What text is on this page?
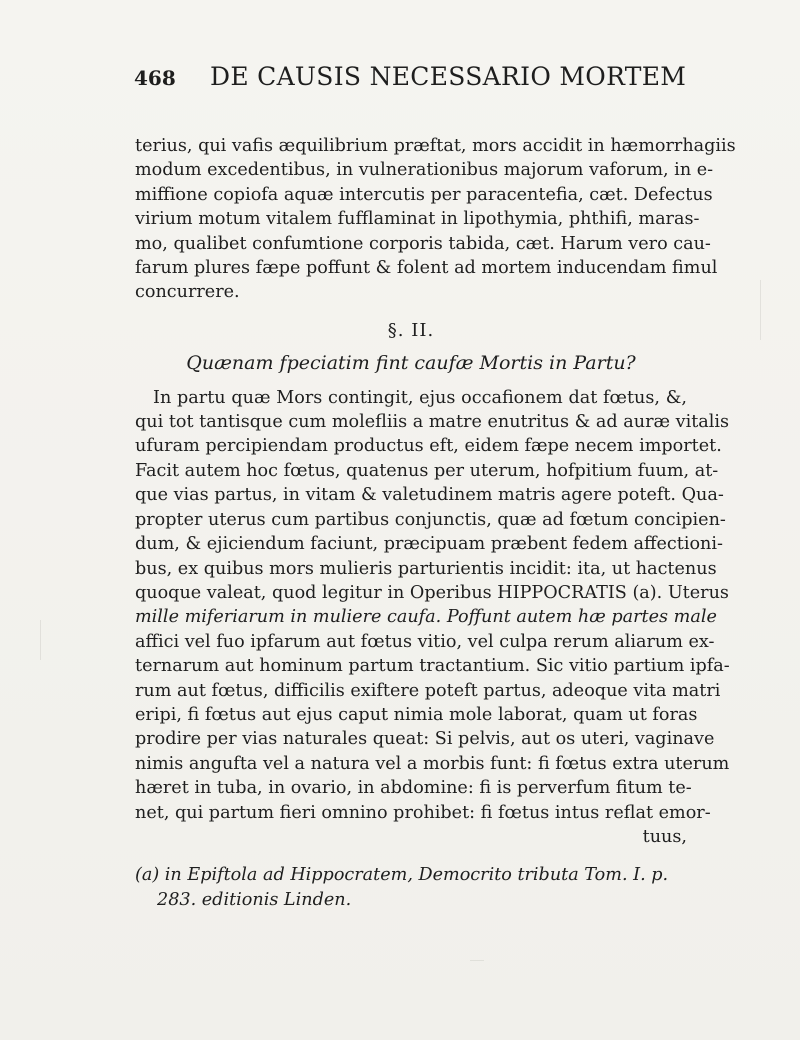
468 DE CAUSIS NECESSARIO MORTEM
terius, qui vafis æquilibrium præftat, mors accidit in hæmorrhagiis
modum excedentibus, in vulnerationibus majorum vaforum, in e-
miffione copiofa aquæ intercutis per paracentefia, cæt. Defectus
virium motum vitalem fufflaminat in lipothymia, phthifi, maras-
mo, qualibet confumtione corporis tabida, cæt. Harum vero cau-
farum plures fæpe poffunt & folent ad mortem inducendam fimul
concurrere.
§. II.
Quænam fpeciatim fint caufæ Mortis in Partu?
In partu quæ Mors contingit, ejus occafionem dat fœtus, &,
qui tot tantisque cum molefliis a matre enutritus & ad auræ vitalis
ufuram percipiendam productus eft, eidem fæpe necem importet.
Facit autem hoc fœtus, quatenus per uterum, hofpitium fuum, at-
que vias partus, in vitam & valetudinem matris agere poteft. Qua-
propter uterus cum partibus conjunctis, quæ ad fœtum concipien-
dum, & ejiciendum faciunt, præcipuam præbent fedem affectioni-
bus, ex quibus mors mulieris parturientis incidit: ita, ut hactenus
quoque valeat, quod legitur in Operibus HIPPOCRATIS (a). Uterus
mille miferiarum in muliere caufa. Poffunt autem hæ partes male
affici vel fuo ipfarum aut fœtus vitio, vel culpa rerum aliarum ex-
ternarum aut hominum partum tractantium. Sic vitio partium ipfa-
rum aut fœtus, difficilis exiftere poteft partus, adeoque vita matri
eripi, fi fœtus aut ejus caput nimia mole laborat, quam ut foras
prodire per vias naturales queat: Si pelvis, aut os uteri, vaginave
nimis angufta vel a natura vel a morbis funt: fi fœtus extra uterum
hæret in tuba, in ovario, in abdomine: fi is perverfum fitum te-
net, qui partum fieri omnino prohibet: fi fœtus intus reflat emor-
tuus,
(a) in Epiftola ad Hippocratem, Democrito tributa Tom. I. p.
283. editionis Linden.
